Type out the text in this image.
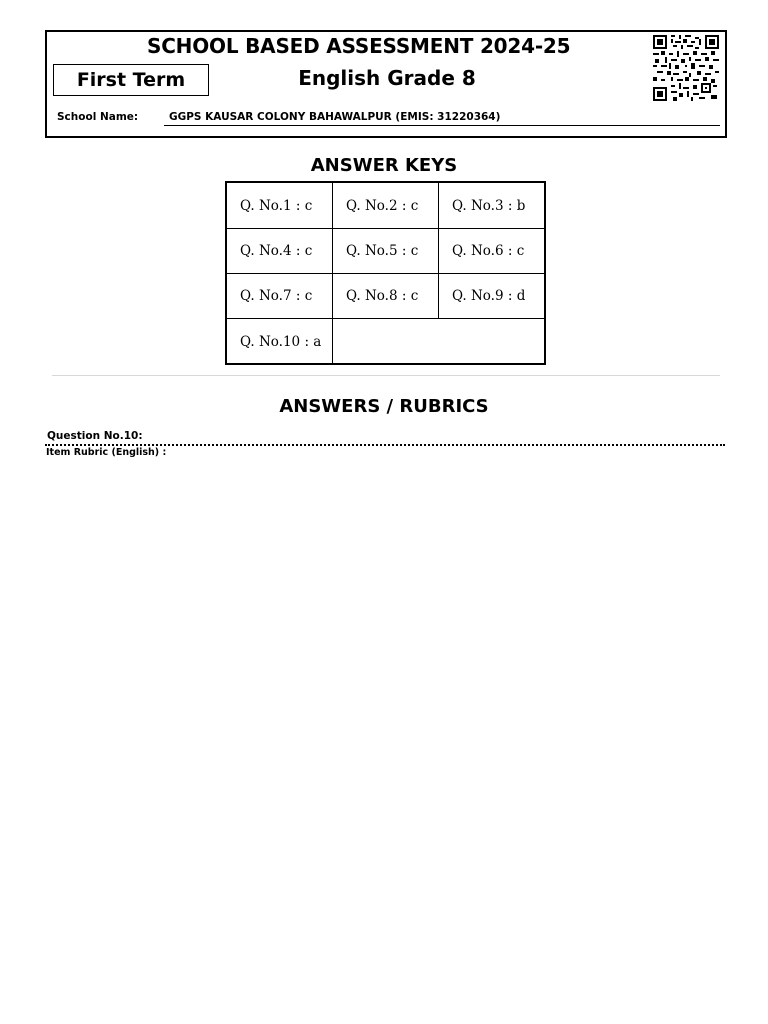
SCHOOL BASED ASSESSMENT 2024-25
First Term	English Grade 8
School Name:	GGPS KAUSAR COLONY BAHAWALPUR (EMIS: 31220364)
ANSWER KEYS
Q. No.1 : c	Q. No.2 : c	Q. No.3 : b
Q. No.4 : c	Q. No.5 : c	Q. No.6 : c
Q. No.7 : c	Q. No.8 : c	Q. No.9 : d
Q. No.10 : a
ANSWERS / RUBRICS
Question No.10:
Item Rubric (English) :
